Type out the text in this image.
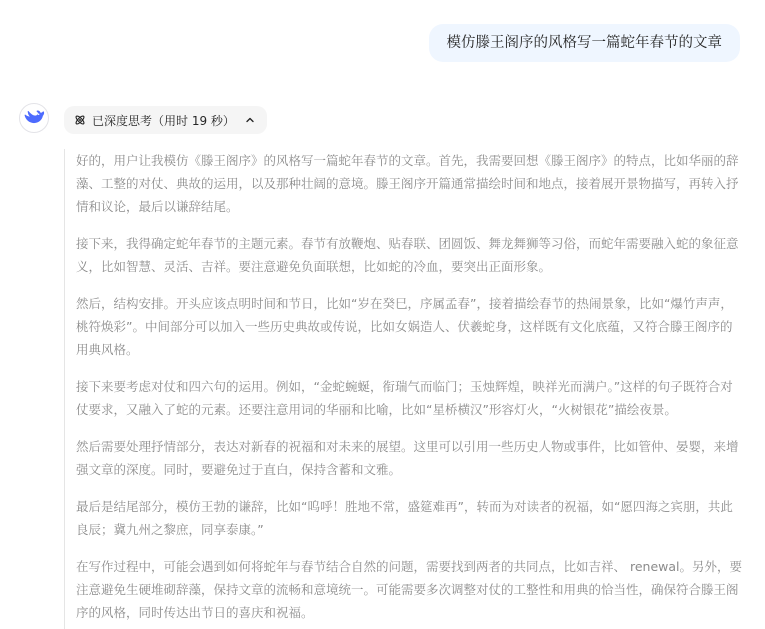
模仿滕王阁序的风格写一篇蛇年春节的文章
已深度思考（用时 19 秒）

好的，用户让我模仿《滕王阁序》的风格写一篇蛇年春节的文章。首先，我需要回想《滕王阁序》的特点，比如华丽的辞藻、工整的对仗、典故的运用，以及那种壮阔的意境。滕王阁序开篇通常描绘时间和地点，接着展开景物描写，再转入抒情和议论，最后以谦辞结尾。

接下来，我得确定蛇年春节的主题元素。春节有放鞭炮、贴春联、团圆饭、舞龙舞狮等习俗，而蛇年需要融入蛇的象征意义，比如智慧、灵活、吉祥。要注意避免负面联想，比如蛇的冷血，要突出正面形象。

然后，结构安排。开头应该点明时间和节日，比如“岁在癸巳，序属孟春”，接着描绘春节的热闹景象，比如“爆竹声声，桃符焕彩”。中间部分可以加入一些历史典故或传说，比如女娲造人、伏羲蛇身，这样既有文化底蕴，又符合滕王阁序的用典风格。

接下来要考虑对仗和四六句的运用。例如，“金蛇蜿蜒，衔瑞气而临门；玉烛辉煌，映祥光而满户。”这样的句子既符合对仗要求，又融入了蛇的元素。还要注意用词的华丽和比喻，比如“星桥横汉”形容灯火，“火树银花”描绘夜景。

然后需要处理抒情部分，表达对新春的祝福和对未来的展望。这里可以引用一些历史人物或事件，比如管仲、晏婴，来增强文章的深度。同时，要避免过于直白，保持含蓄和文雅。

最后是结尾部分，模仿王勃的谦辞，比如“呜呼！胜地不常，盛筵难再”，转而为对读者的祝福，如“愿四海之宾朋，共此良辰；冀九州之黎庶，同享泰康。”

在写作过程中，可能会遇到如何将蛇年与春节结合自然的问题，需要找到两者的共同点，比如吉祥、 renewal。另外，要注意避免生硬堆砌辞藻，保持文章的流畅和意境统一。可能需要多次调整对仗的工整性和用典的恰当性，确保符合滕王阁序的风格，同时传达出节日的喜庆和祝福。
